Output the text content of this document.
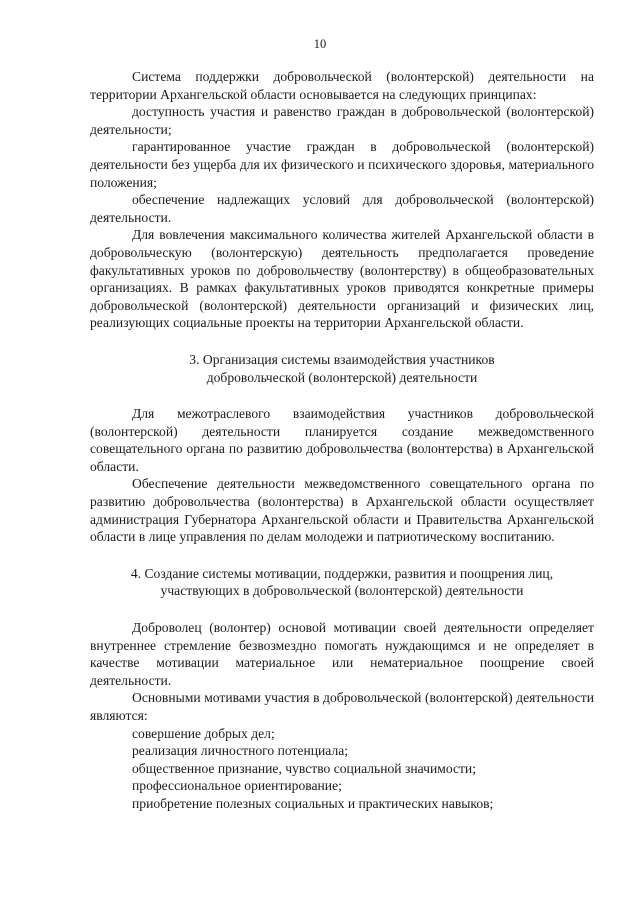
10

Система поддержки добровольческой (волонтерской) деятельности на территории Архангельской области основывается на следующих принципах:

доступность участия и равенство граждан в добровольческой (волонтерской) деятельности;

гарантированное участие граждан в добровольческой (волонтерской) деятельности без ущерба для их физического и психического здоровья, материального положения;

обеспечение надлежащих условий для добровольческой (волонтерской) деятельности.

Для вовлечения максимального количества жителей Архангельской области в добровольческую (волонтерскую) деятельность предполагается проведение факультативных уроков по добровольчеству (волонтерству) в общеобразовательных организациях. В рамках факультативных уроков приводятся конкретные примеры добровольческой (волонтерской) деятельности организаций и физических лиц, реализующих социальные проекты на территории Архангельской области.

3. Организация системы взаимодействия участников
добровольческой (волонтерской) деятельности

Для межотраслевого взаимодействия участников добровольческой (волонтерской) деятельности планируется создание межведомственного совещательного органа по развитию добровольчества (волонтерства) в Архангельской области.

Обеспечение деятельности межведомственного совещательного органа по развитию добровольчества (волонтерства) в Архангельской области осуществляет администрация Губернатора Архангельской области и Правительства Архангельской области в лице управления по делам молодежи и патриотическому воспитанию.

4. Создание системы мотивации, поддержки, развития и поощрения лиц,
участвующих в добровольческой (волонтерской) деятельности

Доброволец (волонтер) основой мотивации своей деятельности определяет внутреннее стремление безвозмездно помогать нуждающимся и не определяет в качестве мотивации материальное или нематериальное поощрение своей деятельности.

Основными мотивами участия в добровольческой (волонтерской) деятельности являются:

совершение добрых дел;

реализация личностного потенциала;

общественное признание, чувство социальной значимости;

профессиональное ориентирование;

приобретение полезных социальных и практических навыков;
